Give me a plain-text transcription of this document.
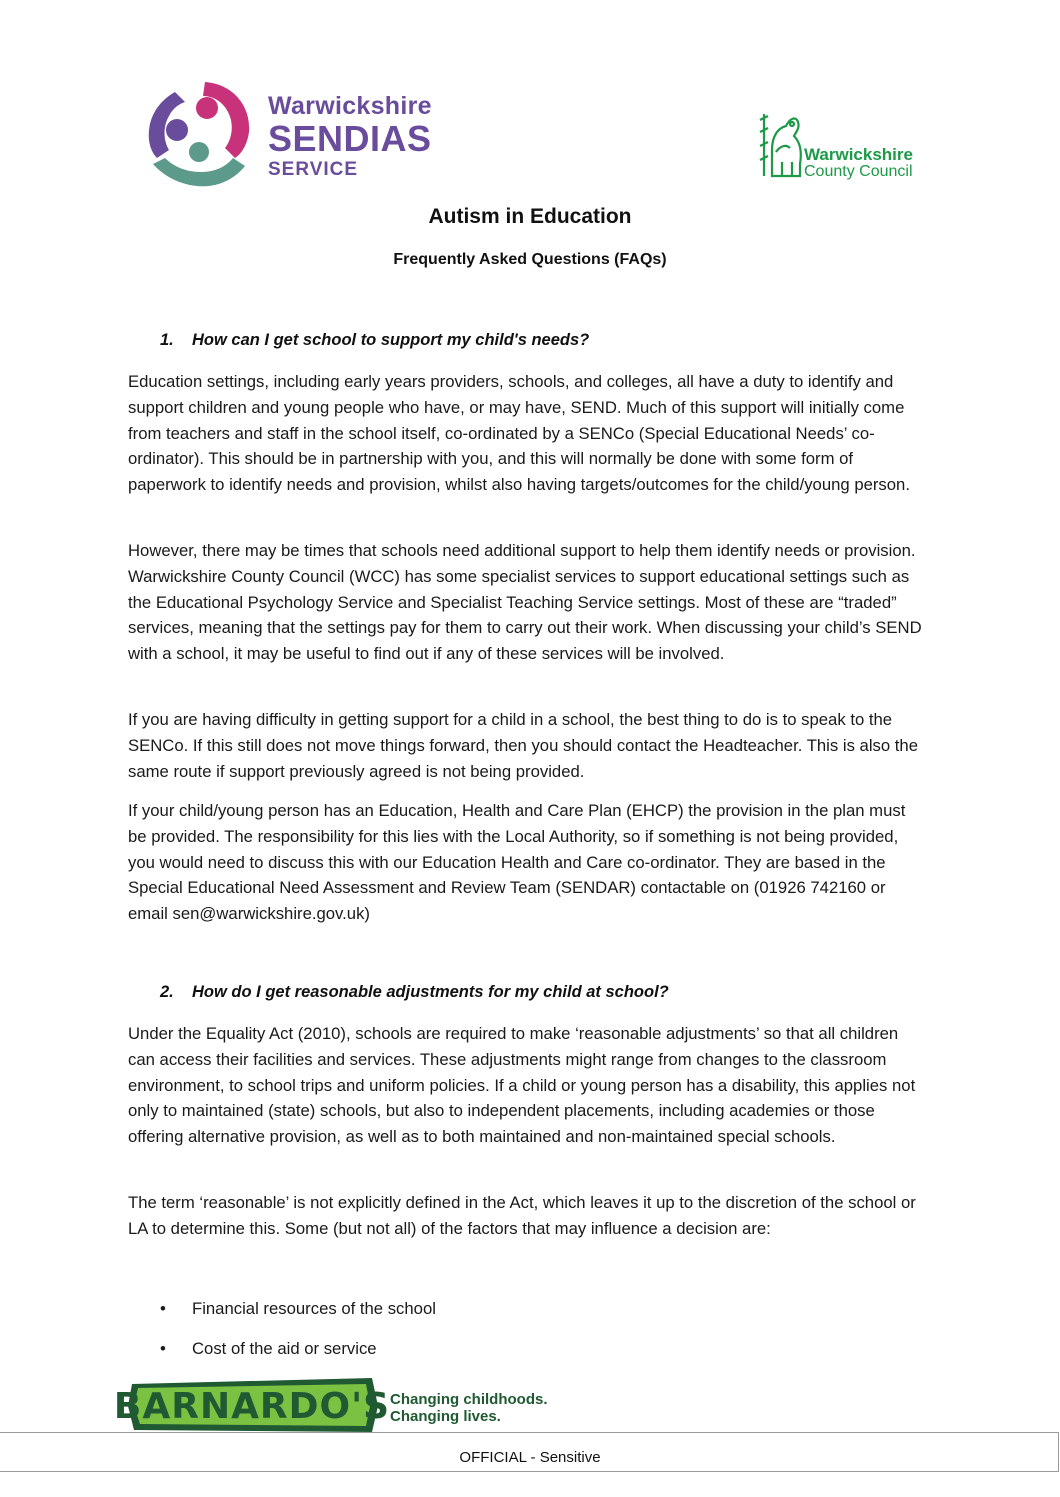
Warwickshire
SENDIAS
SERVICE
Warwickshire
County Council
Autism in Education
Frequently Asked Questions (FAQs)
1. How can I get school to support my child's needs?
Education settings, including early years providers, schools, and colleges, all have a duty to identify and support children and young people who have, or may have, SEND. Much of this support will initially come from teachers and staff in the school itself, co-ordinated by a SENCo (Special Educational Needs’ co-ordinator). This should be in partnership with you, and this will normally be done with some form of paperwork to identify needs and provision, whilst also having targets/outcomes for the child/young person.
However, there may be times that schools need additional support to help them identify needs or provision. Warwickshire County Council (WCC) has some specialist services to support educational settings such as the Educational Psychology Service and Specialist Teaching Service settings. Most of these are “traded” services, meaning that the settings pay for them to carry out their work. When discussing your child’s SEND with a school, it may be useful to find out if any of these services will be involved.
If you are having difficulty in getting support for a child in a school, the best thing to do is to speak to the SENCo. If this still does not move things forward, then you should contact the Headteacher. This is also the same route if support previously agreed is not being provided.
If your child/young person has an Education, Health and Care Plan (EHCP) the provision in the plan must be provided. The responsibility for this lies with the Local Authority, so if something is not being provided, you would need to discuss this with our Education Health and Care co-ordinator. They are based in the Special Educational Need Assessment and Review Team (SENDAR) contactable on (01926 742160 or email sen@warwickshire.gov.uk)
2. How do I get reasonable adjustments for my child at school?
Under the Equality Act (2010), schools are required to make ‘reasonable adjustments’ so that all children can access their facilities and services. These adjustments might range from changes to the classroom environment, to school trips and uniform policies. If a child or young person has a disability, this applies not only to maintained (state) schools, but also to independent placements, including academies or those offering alternative provision, as well as to both maintained and non-maintained special schools.
The term ‘reasonable’ is not explicitly defined in the Act, which leaves it up to the discretion of the school or LA to determine this. Some (but not all) of the factors that may influence a decision are:
•	Financial resources of the school
•	Cost of the aid or service
BARNARDO'S Changing childhoods.
Changing lives.
OFFICIAL - Sensitive
